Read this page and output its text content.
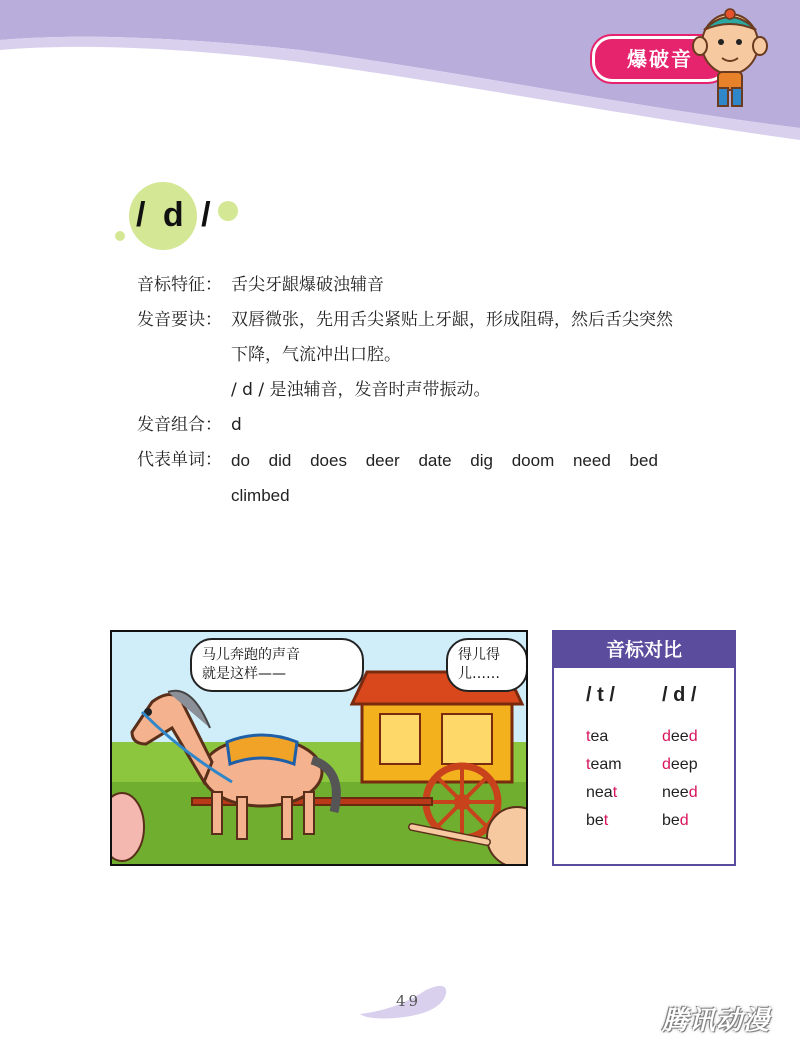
爆破音
/ d /
音标特征： 舌尖牙龈爆破浊辅音
发音要诀： 双唇微张，先用舌尖紧贴上牙龈，形成阻碍，然后舌尖突然
下降，气流冲出口腔。
/ d / 是浊辅音，发音时声带振动。
发音组合： d
代表单词： do did does deer date dig doom need bed
climbed
马儿奔跑的声音
就是这样——
得儿得
儿……
音标对比
/ t /
tea
team
neat
bet
/ d /
deed
deep
need
bed
49
腾讯动漫
